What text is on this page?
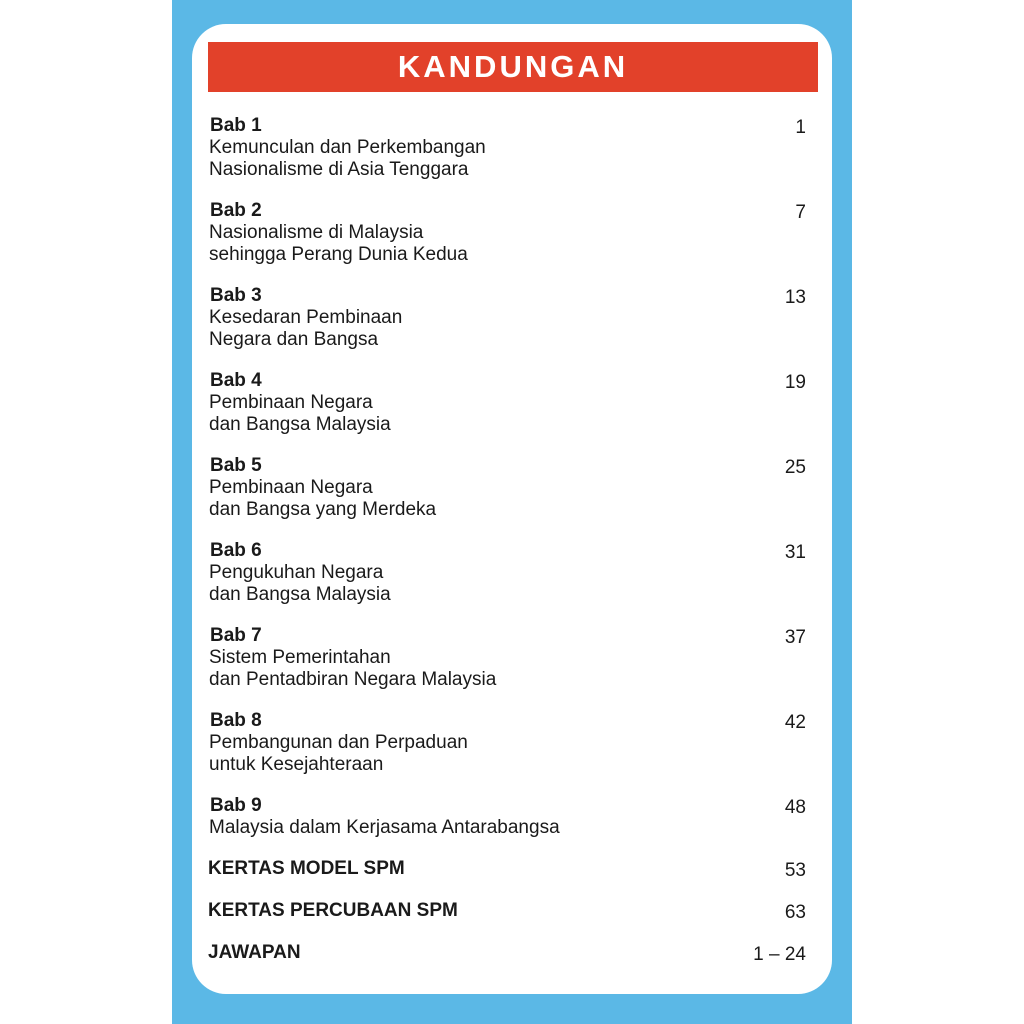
KANDUNGAN
Bab 1	1
Kemunculan dan Perkembangan
Nasionalisme di Asia Tenggara
Bab 2	7
Nasionalisme di Malaysia
sehingga Perang Dunia Kedua
Bab 3	13
Kesedaran Pembinaan
Negara dan Bangsa
Bab 4	19
Pembinaan Negara
dan Bangsa Malaysia
Bab 5	25
Pembinaan Negara
dan Bangsa yang Merdeka
Bab 6	31
Pengukuhan Negara
dan Bangsa Malaysia
Bab 7	37
Sistem Pemerintahan
dan Pentadbiran Negara Malaysia
Bab 8	42
Pembangunan dan Perpaduan
untuk Kesejahteraan
Bab 9	48
Malaysia dalam Kerjasama Antarabangsa
KERTAS MODEL SPM	53
KERTAS PERCUBAAN SPM	63
JAWAPAN	1 – 24
